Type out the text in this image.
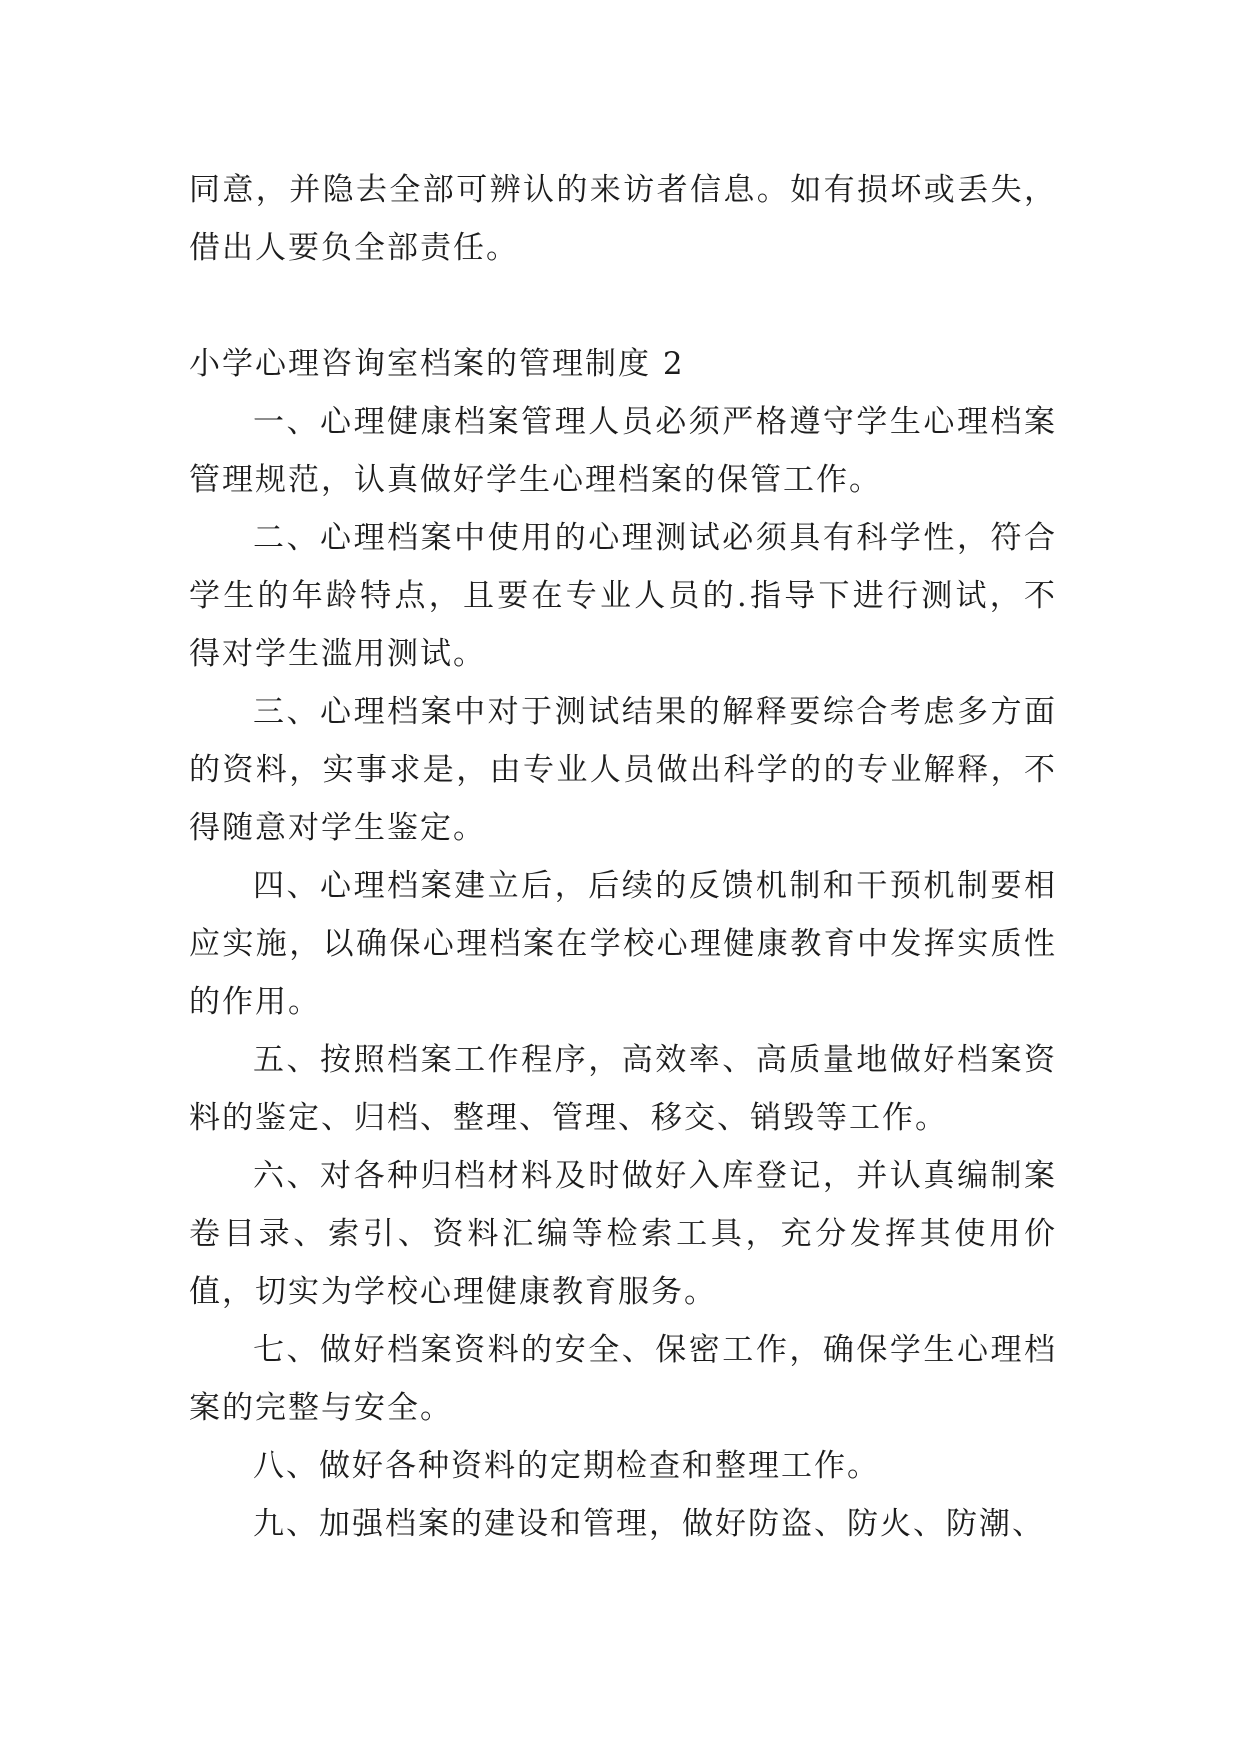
同意，并隐去全部可辨认的来访者信息。如有损坏或丢失，借出人要负全部责任。

小学心理咨询室档案的管理制度 2

一、心理健康档案管理人员必须严格遵守学生心理档案管理规范，认真做好学生心理档案的保管工作。

二、心理档案中使用的心理测试必须具有科学性，符合学生的年龄特点，且要在专业人员的.指导下进行测试，不得对学生滥用测试。

三、心理档案中对于测试结果的解释要综合考虑多方面的资料，实事求是，由专业人员做出科学的的专业解释，不得随意对学生鉴定。

四、心理档案建立后，后续的反馈机制和干预机制要相应实施，以确保心理档案在学校心理健康教育中发挥实质性的作用。

五、按照档案工作程序，高效率、高质量地做好档案资料的鉴定、归档、整理、管理、移交、销毁等工作。

六、对各种归档材料及时做好入库登记，并认真编制案卷目录、索引、资料汇编等检索工具，充分发挥其使用价值，切实为学校心理健康教育服务。

七、做好档案资料的安全、保密工作，确保学生心理档案的完整与安全。

八、做好各种资料的定期检查和整理工作。

九、加强档案的建设和管理，做好防盗、防火、防潮、
